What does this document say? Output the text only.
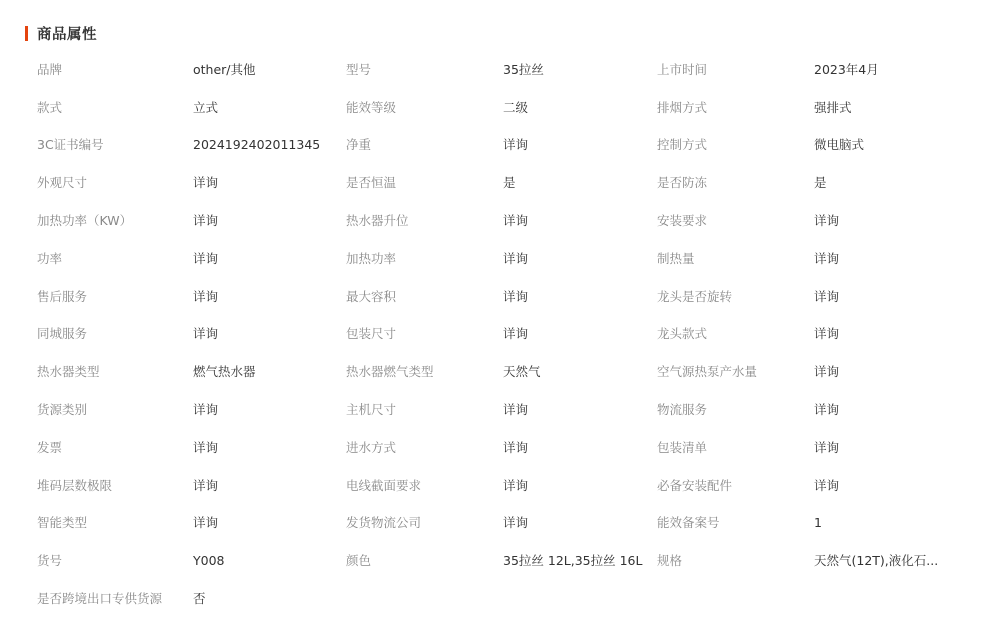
商品属性
品牌	other/其他	型号	35拉丝	上市时间	2023年4月
款式	立式	能效等级	二级	排烟方式	强排式
3C证书编号	2024192402011345	净重	详询	控制方式	微电脑式
外观尺寸	详询	是否恒温	是	是否防冻	是
加热功率（KW）	详询	热水器升位	详询	安装要求	详询
功率	详询	加热功率	详询	制热量	详询
售后服务	详询	最大容积	详询	龙头是否旋转	详询
同城服务	详询	包装尺寸	详询	龙头款式	详询
热水器类型	燃气热水器	热水器燃气类型	天然气	空气源热泵产水量	详询
货源类别	详询	主机尺寸	详询	物流服务	详询
发票	详询	进水方式	详询	包装清单	详询
堆码层数极限	详询	电线截面要求	详询	必备安装配件	详询
智能类型	详询	发货物流公司	详询	能效备案号	1
货号	Y008	颜色	35拉丝 12L,35拉丝 16L	规格	天然气(12T),液化石...
是否跨境出口专供货源	否
